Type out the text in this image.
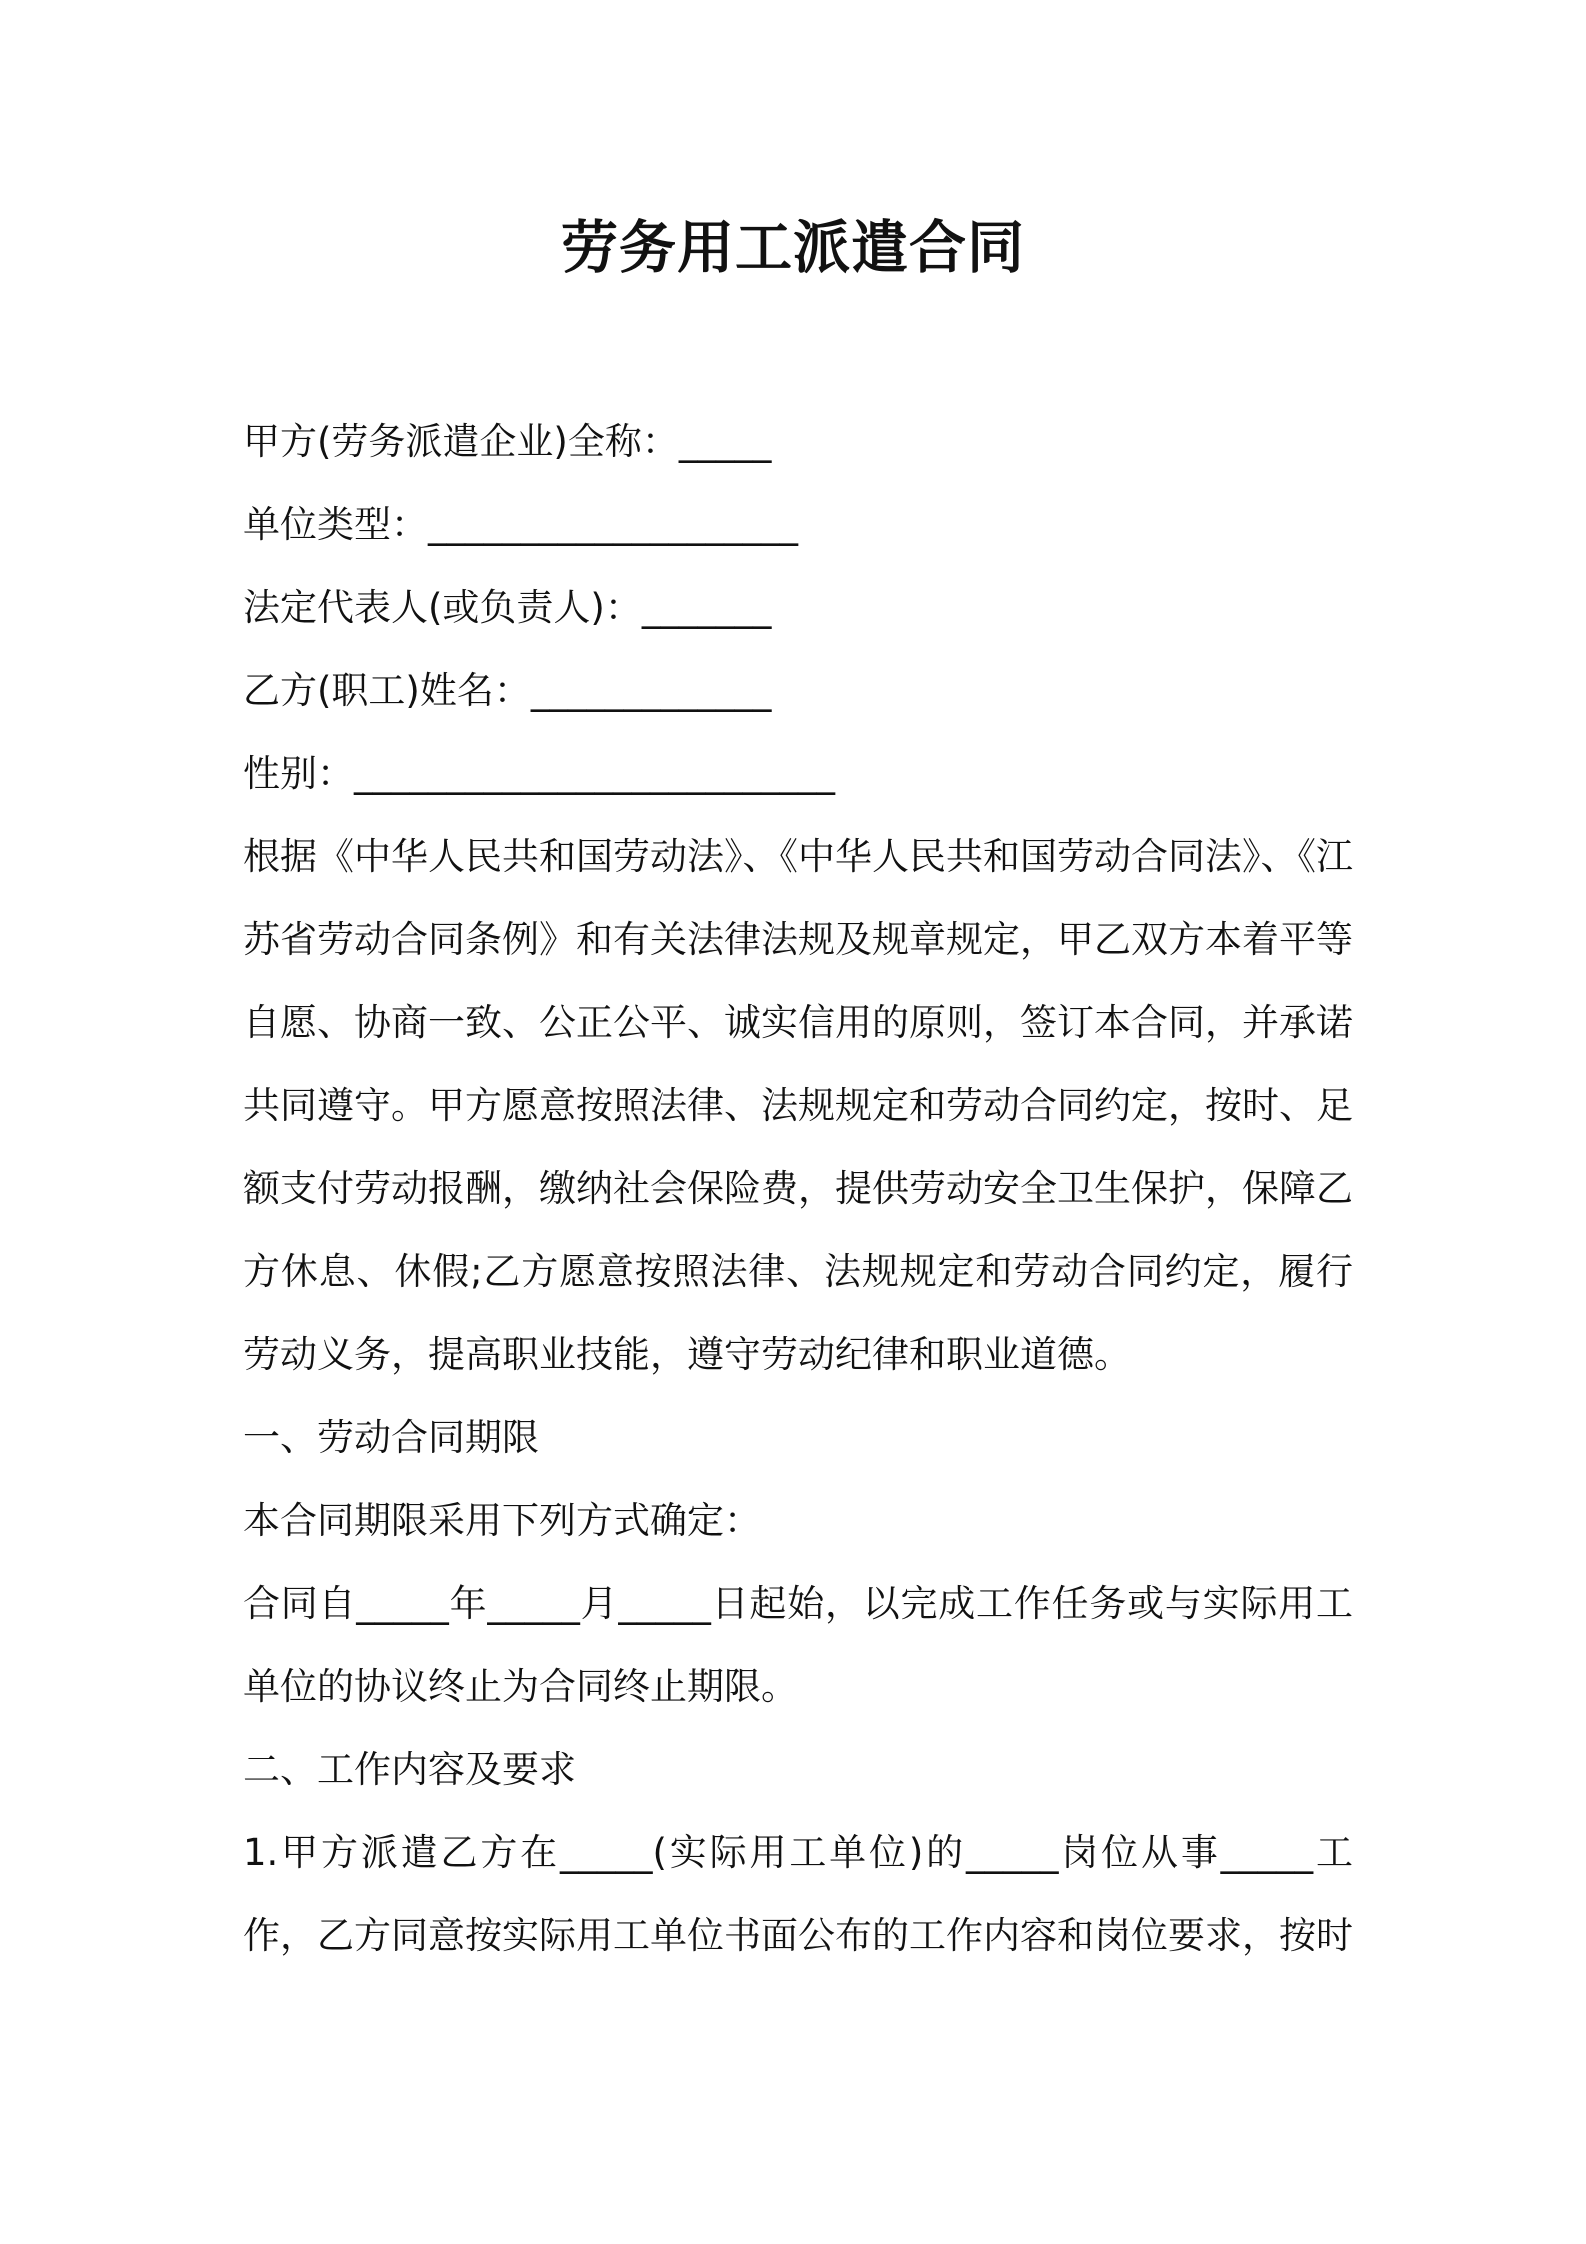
劳务用工派遣合同

甲方(劳务派遣企业)全称：_____

单位类型：____________________

法定代表人(或负责人)：_______

乙方(职工)姓名：_____________

性别：__________________________

根据《中华人民共和国劳动法》、《中华人民共和国劳动合同法》、《江苏省劳动合同条例》和有关法律法规及规章规定，甲乙双方本着平等自愿、协商一致、公正公平、诚实信用的原则，签订本合同，并承诺共同遵守。甲方愿意按照法律、法规规定和劳动合同约定，按时、足额支付劳动报酬，缴纳社会保险费，提供劳动安全卫生保护，保障乙方休息、休假;乙方愿意按照法律、法规规定和劳动合同约定，履行劳动义务，提高职业技能，遵守劳动纪律和职业道德。

一、劳动合同期限

本合同期限采用下列方式确定：

合同自_____年_____月_____日起始，以完成工作任务或与实际用工单位的协议终止为合同终止期限。

二、工作内容及要求

1.甲方派遣乙方在_____(实际用工单位)的_____岗位从事_____工作，乙方同意按实际用工单位书面公布的工作内容和岗位要求，按时
